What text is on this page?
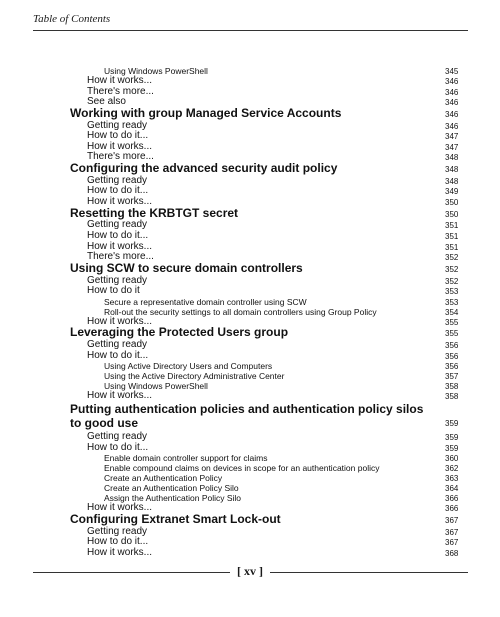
Table of Contents
Using Windows PowerShell	345
How it works...	346
There's more...	346
See also	346
Working with group Managed Service Accounts	346
Getting ready	346
How to do it...	347
How it works...	347
There's more...	348
Configuring the advanced security audit policy	348
Getting ready	348
How to do it...	349
How it works...	350
Resetting the KRBTGT secret	350
Getting ready	351
How to do it...	351
How it works...	351
There's more...	352
Using SCW to secure domain controllers	352
Getting ready	352
How to do it	353
Secure a representative domain controller using SCW	353
Roll-out the security settings to all domain controllers using Group Policy	354
How it works...	355
Leveraging the Protected Users group	355
Getting ready	356
How to do it...	356
Using Active Directory Users and Computers	356
Using the Active Directory Administrative Center	357
Using Windows PowerShell	358
How it works...	358
Putting authentication policies and authentication policy silos to good use	359
Getting ready	359
How to do it...	359
Enable domain controller support for claims	360
Enable compound claims on devices in scope for an authentication policy	362
Create an Authentication Policy	363
Create an Authentication Policy Silo	364
Assign the Authentication Policy Silo	366
How it works...	366
Configuring Extranet Smart Lock-out	367
Getting ready	367
How to do it...	367
How it works...	368
[ xv ]
